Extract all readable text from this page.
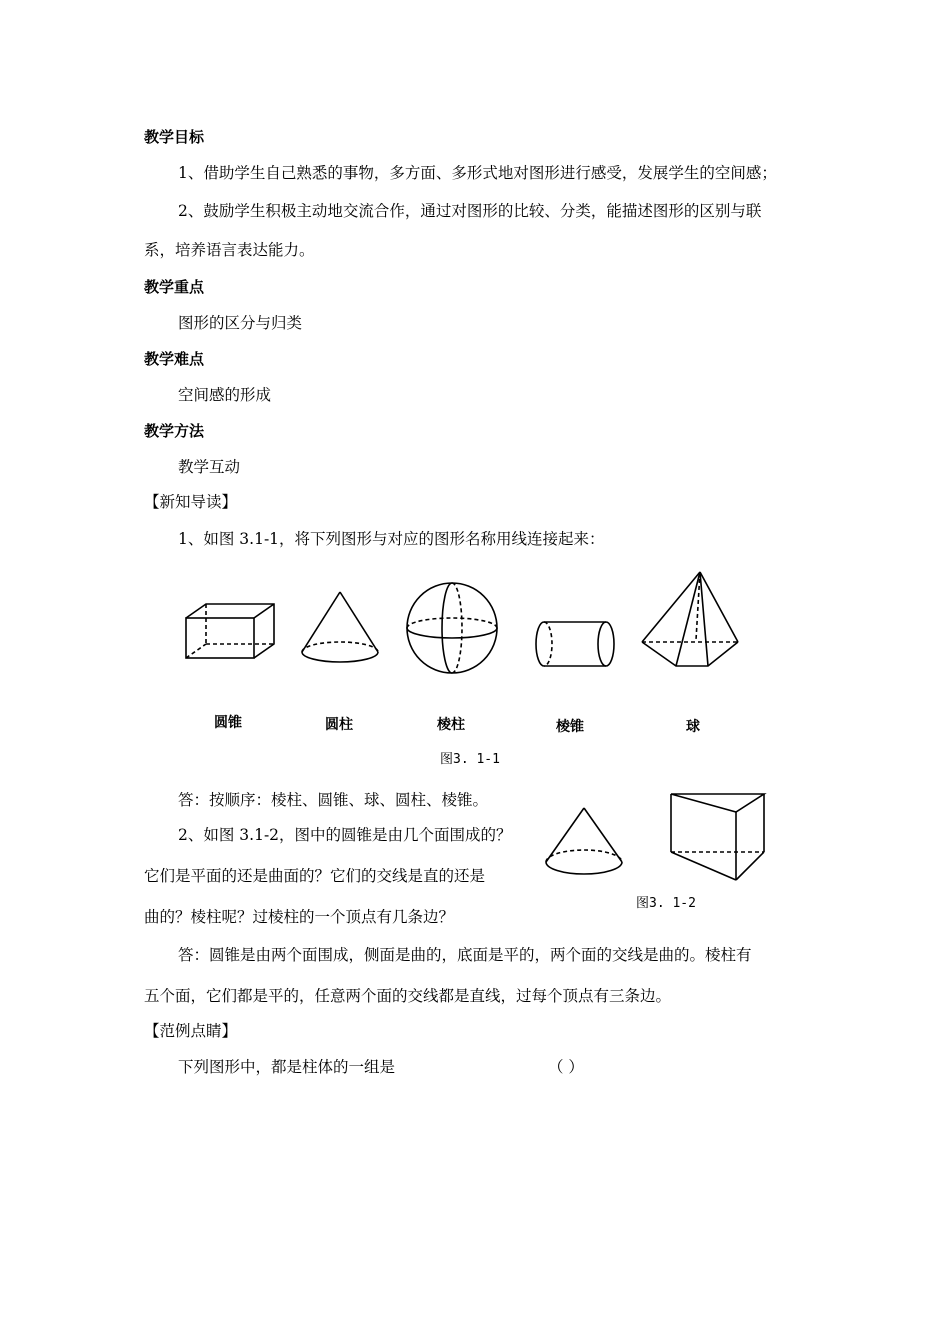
教学目标
1、借助学生自己熟悉的事物，多方面、多形式地对图形进行感受，发展学生的空间感；
2、鼓励学生积极主动地交流合作，通过对图形的比较、分类，能描述图形的区别与联
系，培养语言表达能力。
教学重点
图形的区分与归类
教学难点
空间感的形成
教学方法
教学互动
【新知导读】
1、如图 3.1-1，将下列图形与对应的图形名称用线连接起来：
圆锥	圆柱	棱柱	棱锥	球
图3. 1-1
答：按顺序：棱柱、圆锥、球、圆柱、棱锥。
2、如图 3.1-2，图中的圆锥是由几个面围成的？
它们是平面的还是曲面的？它们的交线是直的还是
曲的？棱柱呢？过棱柱的一个顶点有几条边？
图3. 1-2
答：圆锥是由两个面围成，侧面是曲的，底面是平的，两个面的交线是曲的。棱柱有
五个面，它们都是平的，任意两个面的交线都是直线，过每个顶点有三条边。
【范例点睛】
下列图形中，都是柱体的一组是	（ ）
